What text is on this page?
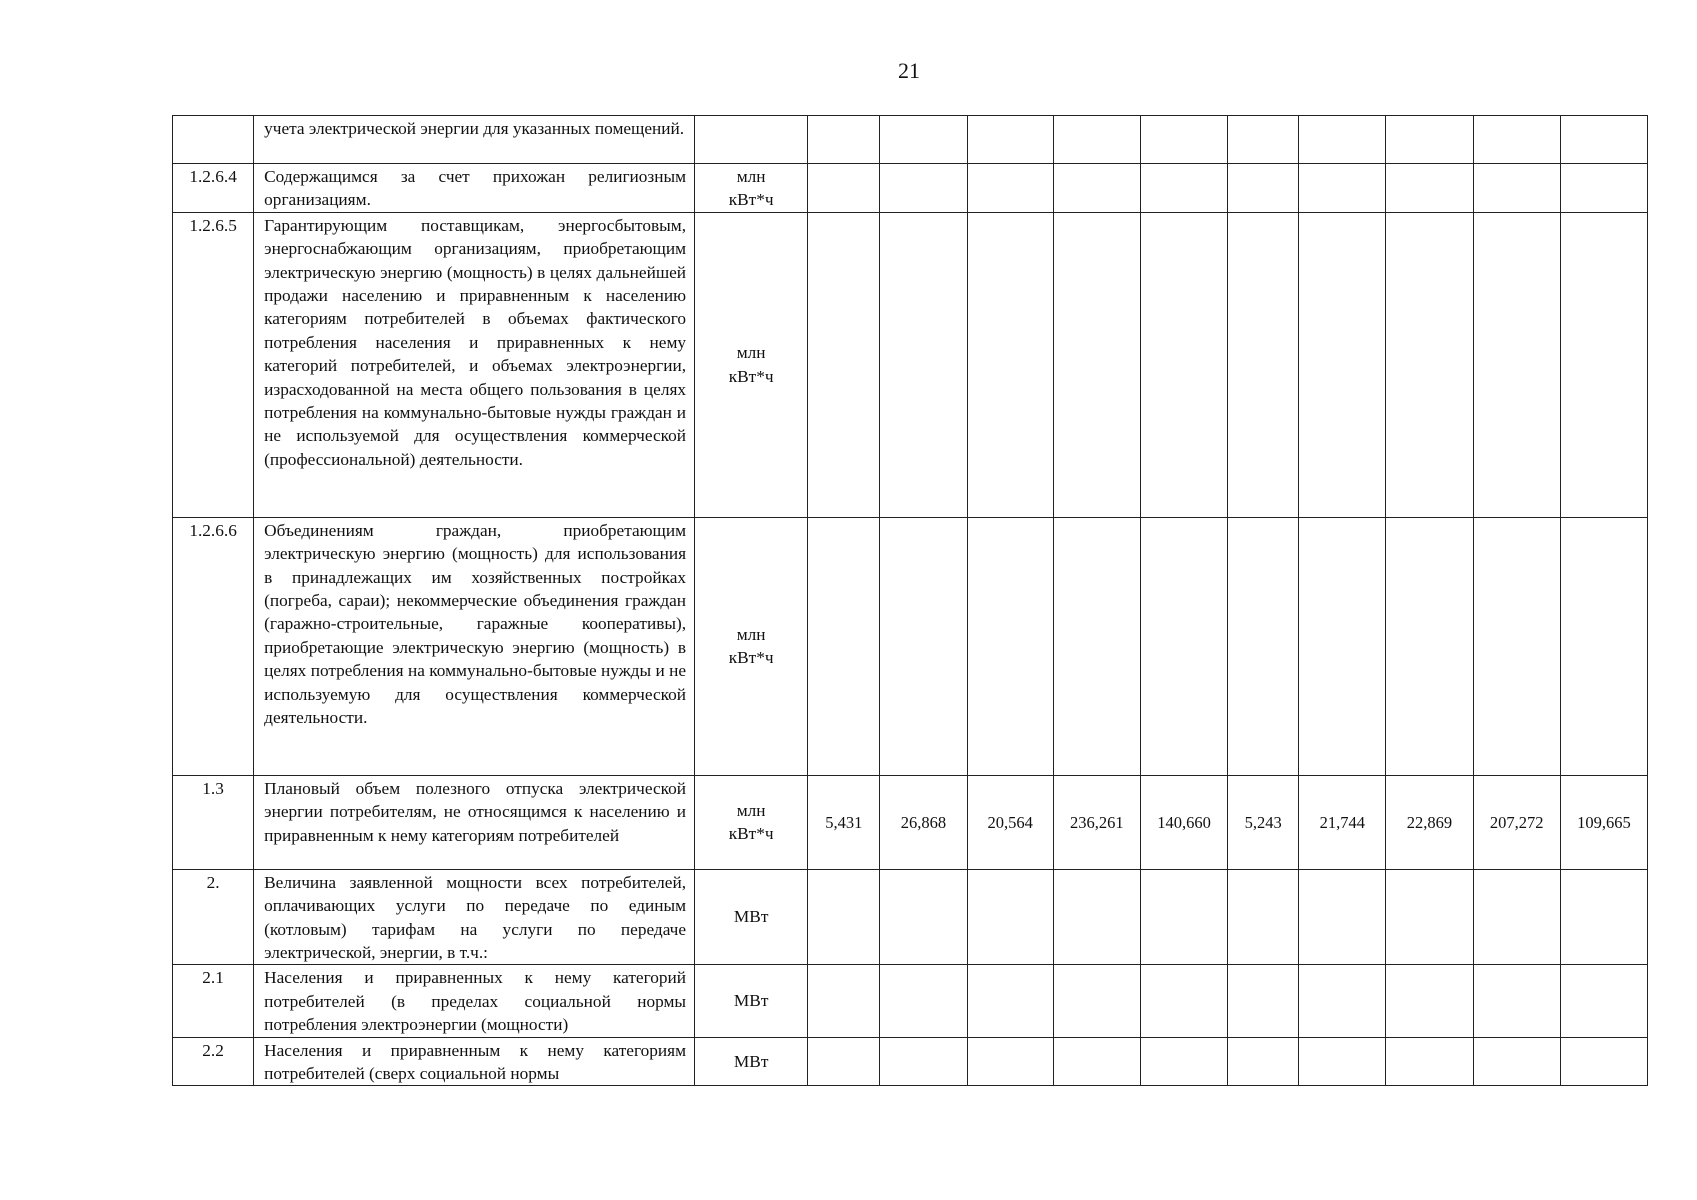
21
	учета электрической энергии для указанных помещений.											
1.2.6.4	Содержащимся за счет прихожан религиозным организациям.	млн
кВт*ч										
1.2.6.5	Гарантирующим поставщикам, энергосбытовым, энергоснабжающим организациям, приобретающим электрическую энергию (мощность) в целях дальнейшей продажи населению и приравненным к населению категориям потребителей в объемах фактического потребления населения и приравненных к нему категорий потребителей, и объемах электроэнергии, израсходованной на места общего пользования в целях потребления на коммунально-бытовые нужды граждан и не используемой для осуществления коммерческой (профессиональной) деятельности.	млн
кВт*ч										
1.2.6.6	Объединениям граждан, приобретающим электрическую энергию (мощность) для использования в принадлежащих им хозяйственных постройках (погреба, сараи); некоммерческие объединения граждан (гаражно-строительные, гаражные кооперативы), приобретающие электрическую энергию (мощность) в целях потребления на коммунально-бытовые нужды и не используемую для осуществления коммерческой деятельности.	млн
кВт*ч										
1.3	Плановый объем полезного отпуска электрической энергии потребителям, не относящимся к населению и приравненным к нему категориям потребителей	млн
кВт*ч	5,431	26,868	20,564	236,261	140,660	5,243	21,744	22,869	207,272	109,665
2.	Величина заявленной мощности всех потребителей, оплачивающих услуги по передаче по единым (котловым) тарифам на услуги по передаче электрической, энергии, в т.ч.:	МВт										
2.1	Населения и приравненных к нему категорий потребителей (в пределах социальной нормы потребления электроэнергии (мощности)	МВт										
2.2	Населения и приравненным к нему категориям потребителей (сверх социальной нормы	МВт										
